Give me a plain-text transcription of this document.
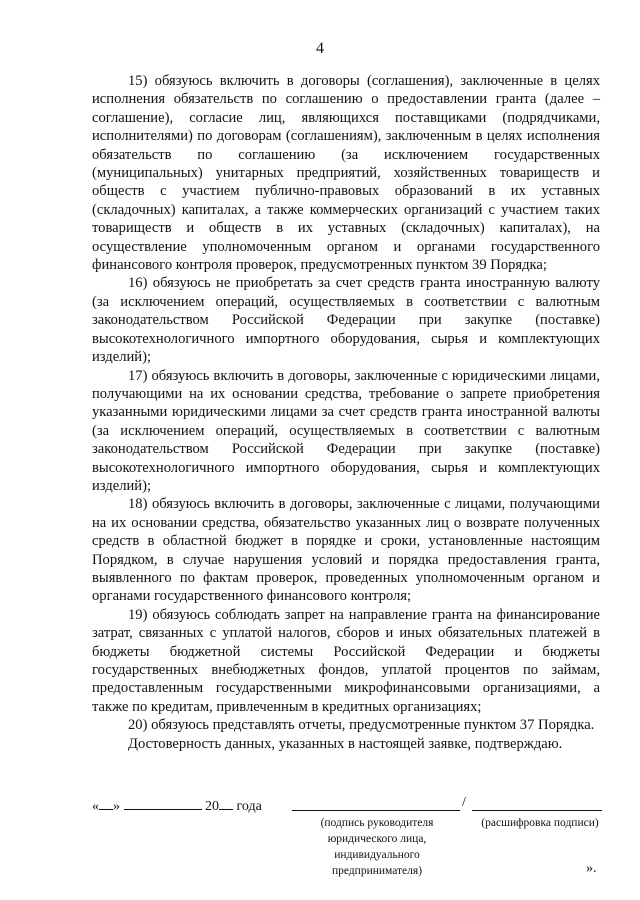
4

15) обязуюсь включить в договоры (соглашения), заключенные в целях исполнения обязательств по соглашению о предоставлении гранта (далее – соглашение), согласие лиц, являющихся поставщиками (подрядчиками, исполнителями) по договорам (соглашениям), заключенным в целях исполнения обязательств по соглашению (за исключением государственных (муниципальных) унитарных предприятий, хозяйственных товариществ и обществ с участием публично-правовых образований в их уставных (складочных) капиталах, а также коммерческих организаций с участием таких товариществ и обществ в их уставных (складочных) капиталах), на осуществление уполномоченным органом и органами государственного финансового контроля проверок, предусмотренных пунктом 39 Порядка;

16) обязуюсь не приобретать за счет средств гранта иностранную валюту (за исключением операций, осуществляемых в соответствии с валютным законодательством Российской Федерации при закупке (поставке) высокотехнологичного импортного оборудования, сырья и комплектующих изделий);

17) обязуюсь включить в договоры, заключенные с юридическими лицами, получающими на их основании средства, требование о запрете приобретения указанными юридическими лицами за счет средств гранта иностранной валюты (за исключением операций, осуществляемых в соответствии с валютным законодательством Российской Федерации при закупке (поставке) высокотехнологичного импортного оборудования, сырья и комплектующих изделий);

18) обязуюсь включить в договоры, заключенные с лицами, получающими на их основании средства, обязательство указанных лиц о возврате полученных средств в областной бюджет в порядке и сроки, установленные настоящим Порядком, в случае нарушения условий и порядка предоставления гранта, выявленного по фактам проверок, проведенных уполномоченным органом и органами государственного финансового контроля;

19) обязуюсь соблюдать запрет на направление гранта на финансирование затрат, связанных с уплатой налогов, сборов и иных обязательных платежей в бюджеты бюджетной системы Российской Федерации и бюджеты государственных внебюджетных фондов, уплатой процентов по займам, предоставленным государственными микрофинансовыми организациями, а также по кредитам, привлеченным в кредитных организациях;

20) обязуюсь представлять отчеты, предусмотренные пунктом 37 Порядка.

Достоверность данных, указанных в настоящей заявке, подтверждаю.

« »	20 года	/
(подпись руководителя юридического лица, индивидуального предпринимателя)
(расшифровка подписи)
».
